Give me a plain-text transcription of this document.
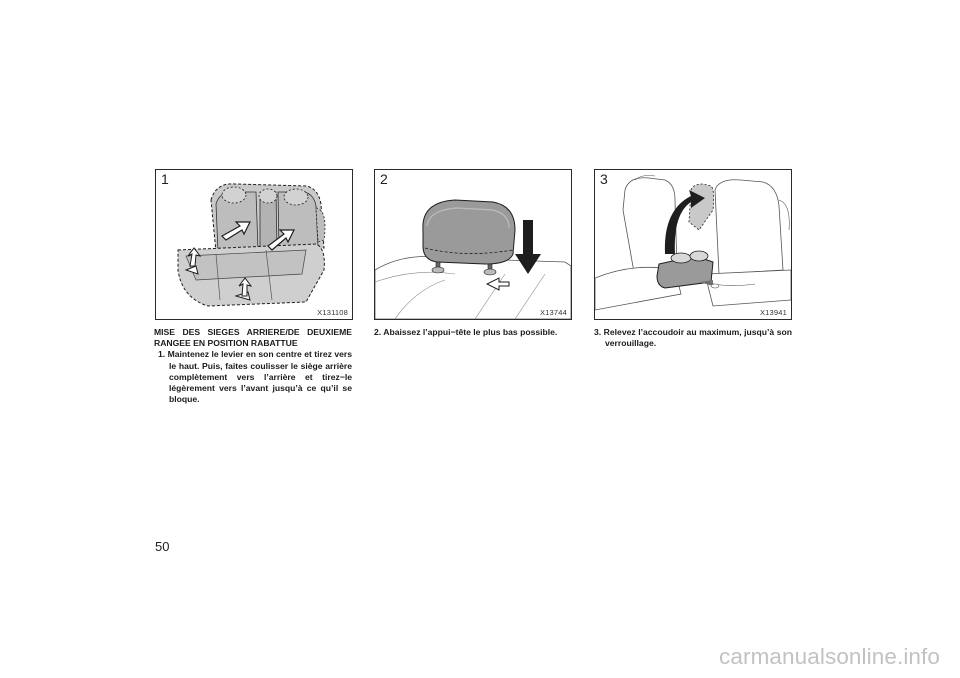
1
X131108
2
X13744
3
X13941

MISE DES SIEGES ARRIERE/DE DEUXIEME RANGEE EN POSITION RABATTUE

1. Maintenez le levier en son centre et tirez vers le haut. Puis, faites coulisser le siège arrière complètement vers l’arrière et tirez−le légèrement vers l’avant jusqu’à ce qu’il se bloque.

2. Abaissez l’appui−tête le plus bas possible.	3. Relevez l’accoudoir au maximum, jusqu’à son verrouillage.

50
carmanualsonline.info
